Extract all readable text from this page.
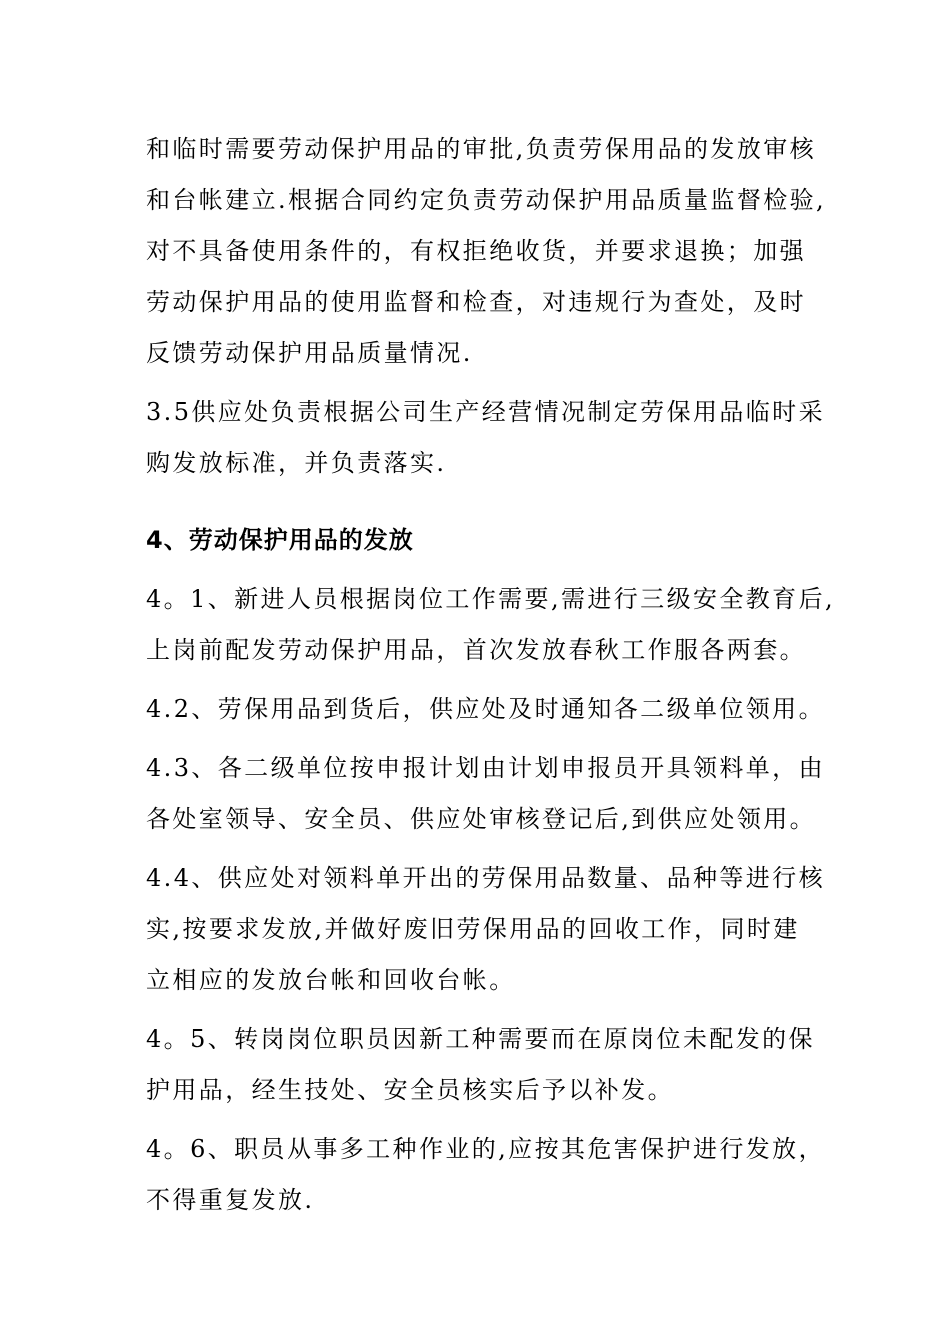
和临时需要劳动保护用品的审批,负责劳保用品的发放审核
和台帐建立.根据合同约定负责劳动保护用品质量监督检验,
对不具备使用条件的，有权拒绝收货，并要求退换；加强
劳动保护用品的使用监督和检查，对违规行为查处，及时
反馈劳动保护用品质量情况.

3.5供应处负责根据公司生产经营情况制定劳保用品临时采
购发放标准，并负责落实.

4、劳动保护用品的发放

4。1、新进人员根据岗位工作需要,需进行三级安全教育后,
上岗前配发劳动保护用品，首次发放春秋工作服各两套。

4.2、劳保用品到货后，供应处及时通知各二级单位领用。

4.3、各二级单位按申报计划由计划申报员开具领料单，由
各处室领导、安全员、供应处审核登记后,到供应处领用。

4.4、供应处对领料单开出的劳保用品数量、品种等进行核
实,按要求发放,并做好废旧劳保用品的回收工作，同时建
立相应的发放台帐和回收台帐。

4。5、转岗岗位职员因新工种需要而在原岗位未配发的保
护用品，经生技处、安全员核实后予以补发。

4。6、职员从事多工种作业的,应按其危害保护进行发放，
不得重复发放.
